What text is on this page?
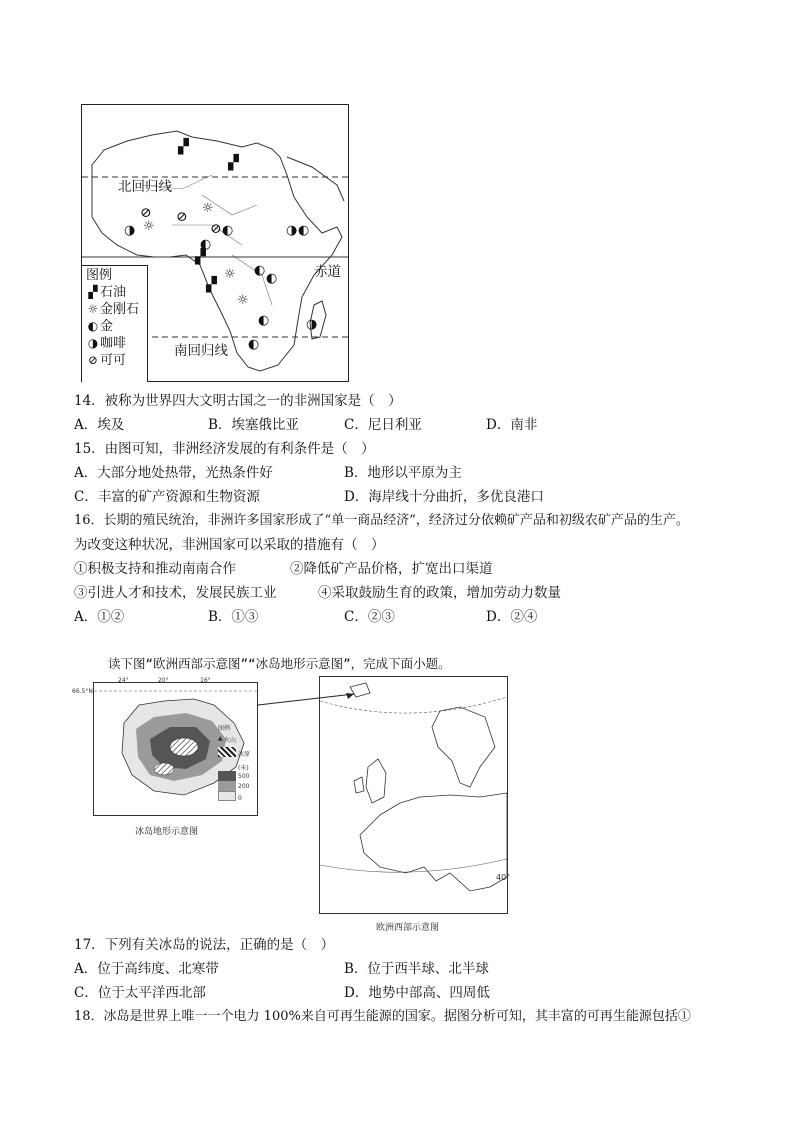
北回归线
赤道
南回归线
▞
▞
▞
▞
⊘ ⊘
⊘
☼
☼
☼
☼
◑	◑
◑
◐
◐	◐
◐
◐
◐
◐
图例
▞ 石油
☼ 金刚石
◐ 金
◑ 咖啡
⊘ 可可
14．被称为世界四大文明古国之一的非洲国家是（　）
A．埃及	B．埃塞俄比亚	C．尼日利亚	D．南非
15．由图可知，非洲经济发展的有利条件是（　）
A．大部分地处热带，光热条件好	B．地形以平原为主
C．丰富的矿产资源和生物资源	D．海岸线十分曲折，多优良港口
16．长期的殖民统治，非洲许多国家形成了“单一商品经济”，经济过分依赖矿产品和初级农矿产品的生产。
为改变这种状况，非洲国家可以采取的措施有（　）
①积极支持和推动南南合作	②降低矿产品价格，扩宽出口渠道
③引进人才和技术，发展民族工业	④采取鼓励生育的政策，增加劳动力数量
A．①②	B．①③	C．②③	D．②④
读下图“欧洲西部示意图”“冰岛地形示意图”，完成下面小题。
66.5°N
24°	20°	16°
图例
火山
▲
冰原
(米)
500
200
0
冰岛地形示意图
40°
欧洲西部示意图
17．下列有关冰岛的说法，正确的是（　）
A．位于高纬度、北寒带	B．位于西半球、北半球
C．位于太平洋西北部	D．地势中部高、四周低
18．冰岛是世界上唯一一个电力 100%来自可再生能源的国家。据图分析可知，其丰富的可再生能源包括①
